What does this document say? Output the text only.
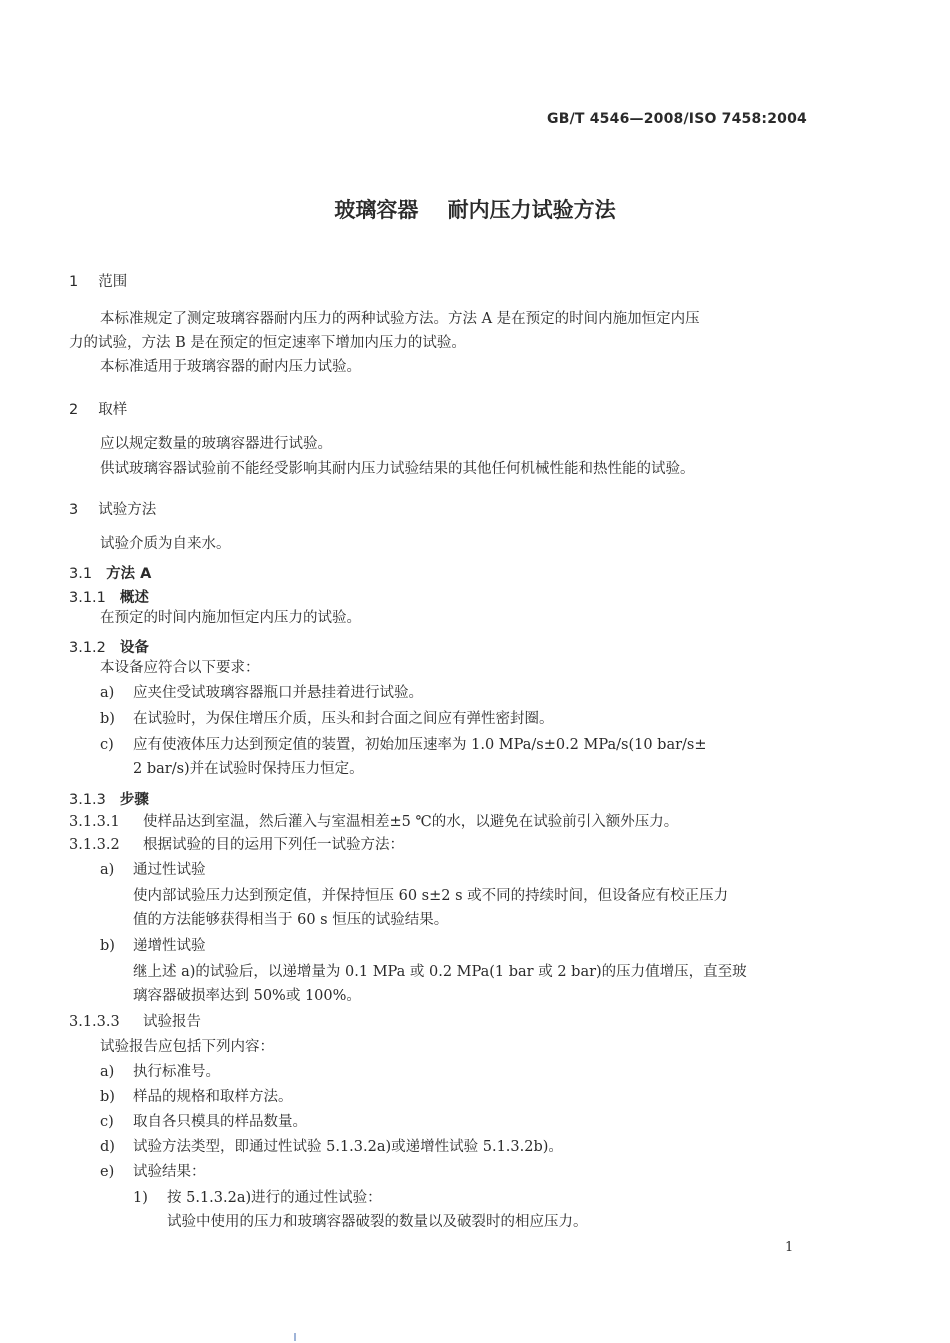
GB/T 4546—2008/ISO 7458:2004
玻璃容器    耐内压力试验方法
1 范围
本标准规定了测定玻璃容器耐内压力的两种试验方法。方法 A 是在预定的时间内施加恒定内压
力的试验，方法 B 是在预定的恒定速率下增加内压力的试验。
本标准适用于玻璃容器的耐内压力试验。
2 取样
应以规定数量的玻璃容器进行试验。
供试玻璃容器试验前不能经受影响其耐内压力试验结果的其他任何机械性能和热性能的试验。
3 试验方法
试验介质为自来水。
3.1 方法 A
3.1.1 概述
在预定的时间内施加恒定内压力的试验。
3.1.2 设备
本设备应符合以下要求：
a) 应夹住受试玻璃容器瓶口并悬挂着进行试验。
b) 在试验时，为保住增压介质，压头和封合面之间应有弹性密封圈。
c) 应有使液体压力达到预定值的装置，初始加压速率为 1.0 MPa/s±0.2 MPa/s(10 bar/s±
2 bar/s)并在试验时保持压力恒定。
3.1.3 步骤
3.1.3.1 使样品达到室温，然后灌入与室温相差±5 ℃的水，以避免在试验前引入额外压力。
3.1.3.2 根据试验的目的运用下列任一试验方法：
a) 通过性试验
使内部试验压力达到预定值，并保持恒压 60 s±2 s 或不同的持续时间，但设备应有校正压力
值的方法能够获得相当于 60 s 恒压的试验结果。
b) 递增性试验
继上述 a)的试验后，以递增量为 0.1 MPa 或 0.2 MPa(1 bar 或 2 bar)的压力值增压，直至玻
璃容器破损率达到 50%或 100%。
3.1.3.3 试验报告
试验报告应包括下列内容：
a) 执行标准号。
b) 样品的规格和取样方法。
c) 取自各只模具的样品数量。
d) 试验方法类型，即通过性试验 5.1.3.2a)或递增性试验 5.1.3.2b)。
e) 试验结果：
1) 按 5.1.3.2a)进行的通过性试验：
试验中使用的压力和玻璃容器破裂的数量以及破裂时的相应压力。
1
